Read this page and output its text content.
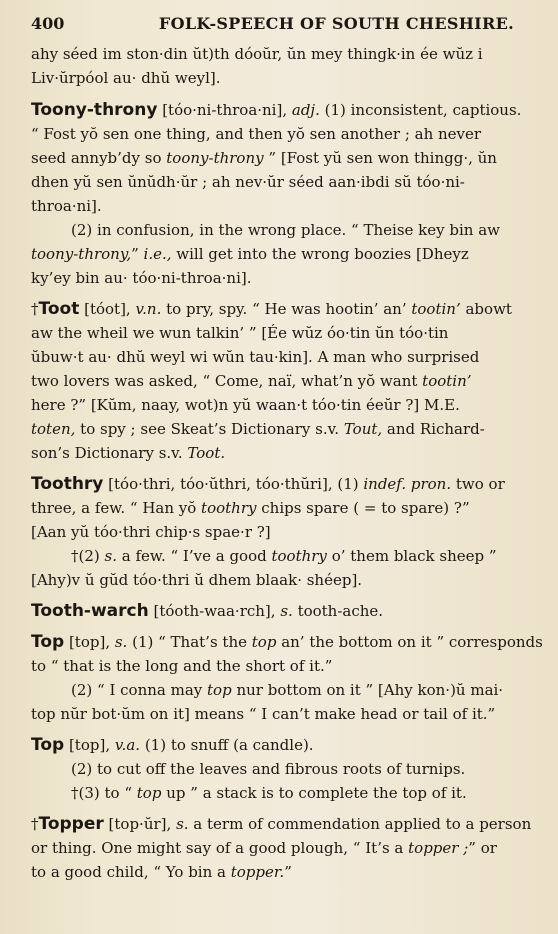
400	FOLK-SPEECH OF SOUTH CHESHIRE.

ahy séed im ston·din ŭt)th dóoŭr, ŭn mey thingk·in ée wŭz i

Liv·ŭrpóol au· dhŭ weyl].

Toony-throny [tóo·ni-throa·ni], adj. (1) inconsistent, captious.

“ Fost yŏ sen one thing, and then yŏ sen another ; ah never

seed annyb’dy so toony-throny ” [Fost yŭ sen won thingg·, ŭn

dhen yŭ sen ŭnŭdh·ŭr ; ah nev·ŭr séed aan·ibdi sŭ tóo·ni-

throa·ni].

(2) in confusion, in the wrong place. “ Theise key bin aw

toony-throny,” i.e., will get into the wrong boozies [Dheyz

ky’ey bin au· tóo·ni-throa·ni].

†Toot [tóot], v.n. to pry, spy. “ He was hootin’ an’ tootin’ abowt

aw the wheil we wun talkin’ ” [Ée wŭz óo·tin ŭn tóo·tin

ŭbuw·t au· dhŭ weyl wi wŭn tau·kin]. A man who surprised

two lovers was asked, “ Come, naï, what’n yŏ want tootin’

here ?” [Kŭm, naay, wot)n yŭ waan·t tóo·tin éeŭr ?] M.E.

toten, to spy ; see Skeat’s Dictionary s.v. Tout, and Richard-

son’s Dictionary s.v. Toot.

Toothry [tóo·thri, tóo·ŭthri, tóo·thŭri], (1) indef. pron. two or

three, a few. “ Han yŏ toothry chips spare ( = to spare) ?”

[Aan yŭ tóo·thri chip·s spae·r ?]

†(2) s. a few. “ I’ve a good toothry o’ them black sheep ”

[Ahy)v ŭ gŭd tóo·thri ŭ dhem blaak· shéep].

Tooth-warch [tóoth-waa·rch], s. tooth-ache.

Top [top], s. (1) “ That’s the top an’ the bottom on it ” corresponds

to “ that is the long and the short of it.”

(2) “ I conna may top nur bottom on it ” [Ahy kon·)ŭ mai·

top nŭr bot·ŭm on it] means “ I can’t make head or tail of it.”

Top [top], v.a. (1) to snuff (a candle).

(2) to cut off the leaves and fibrous roots of turnips.

†(3) to “ top up ” a stack is to complete the top of it.

†Topper [top·ŭr], s. a term of commendation applied to a person

or thing. One might say of a good plough, “ It’s a topper ;” or

to a good child, “ Yo bin a topper.”
